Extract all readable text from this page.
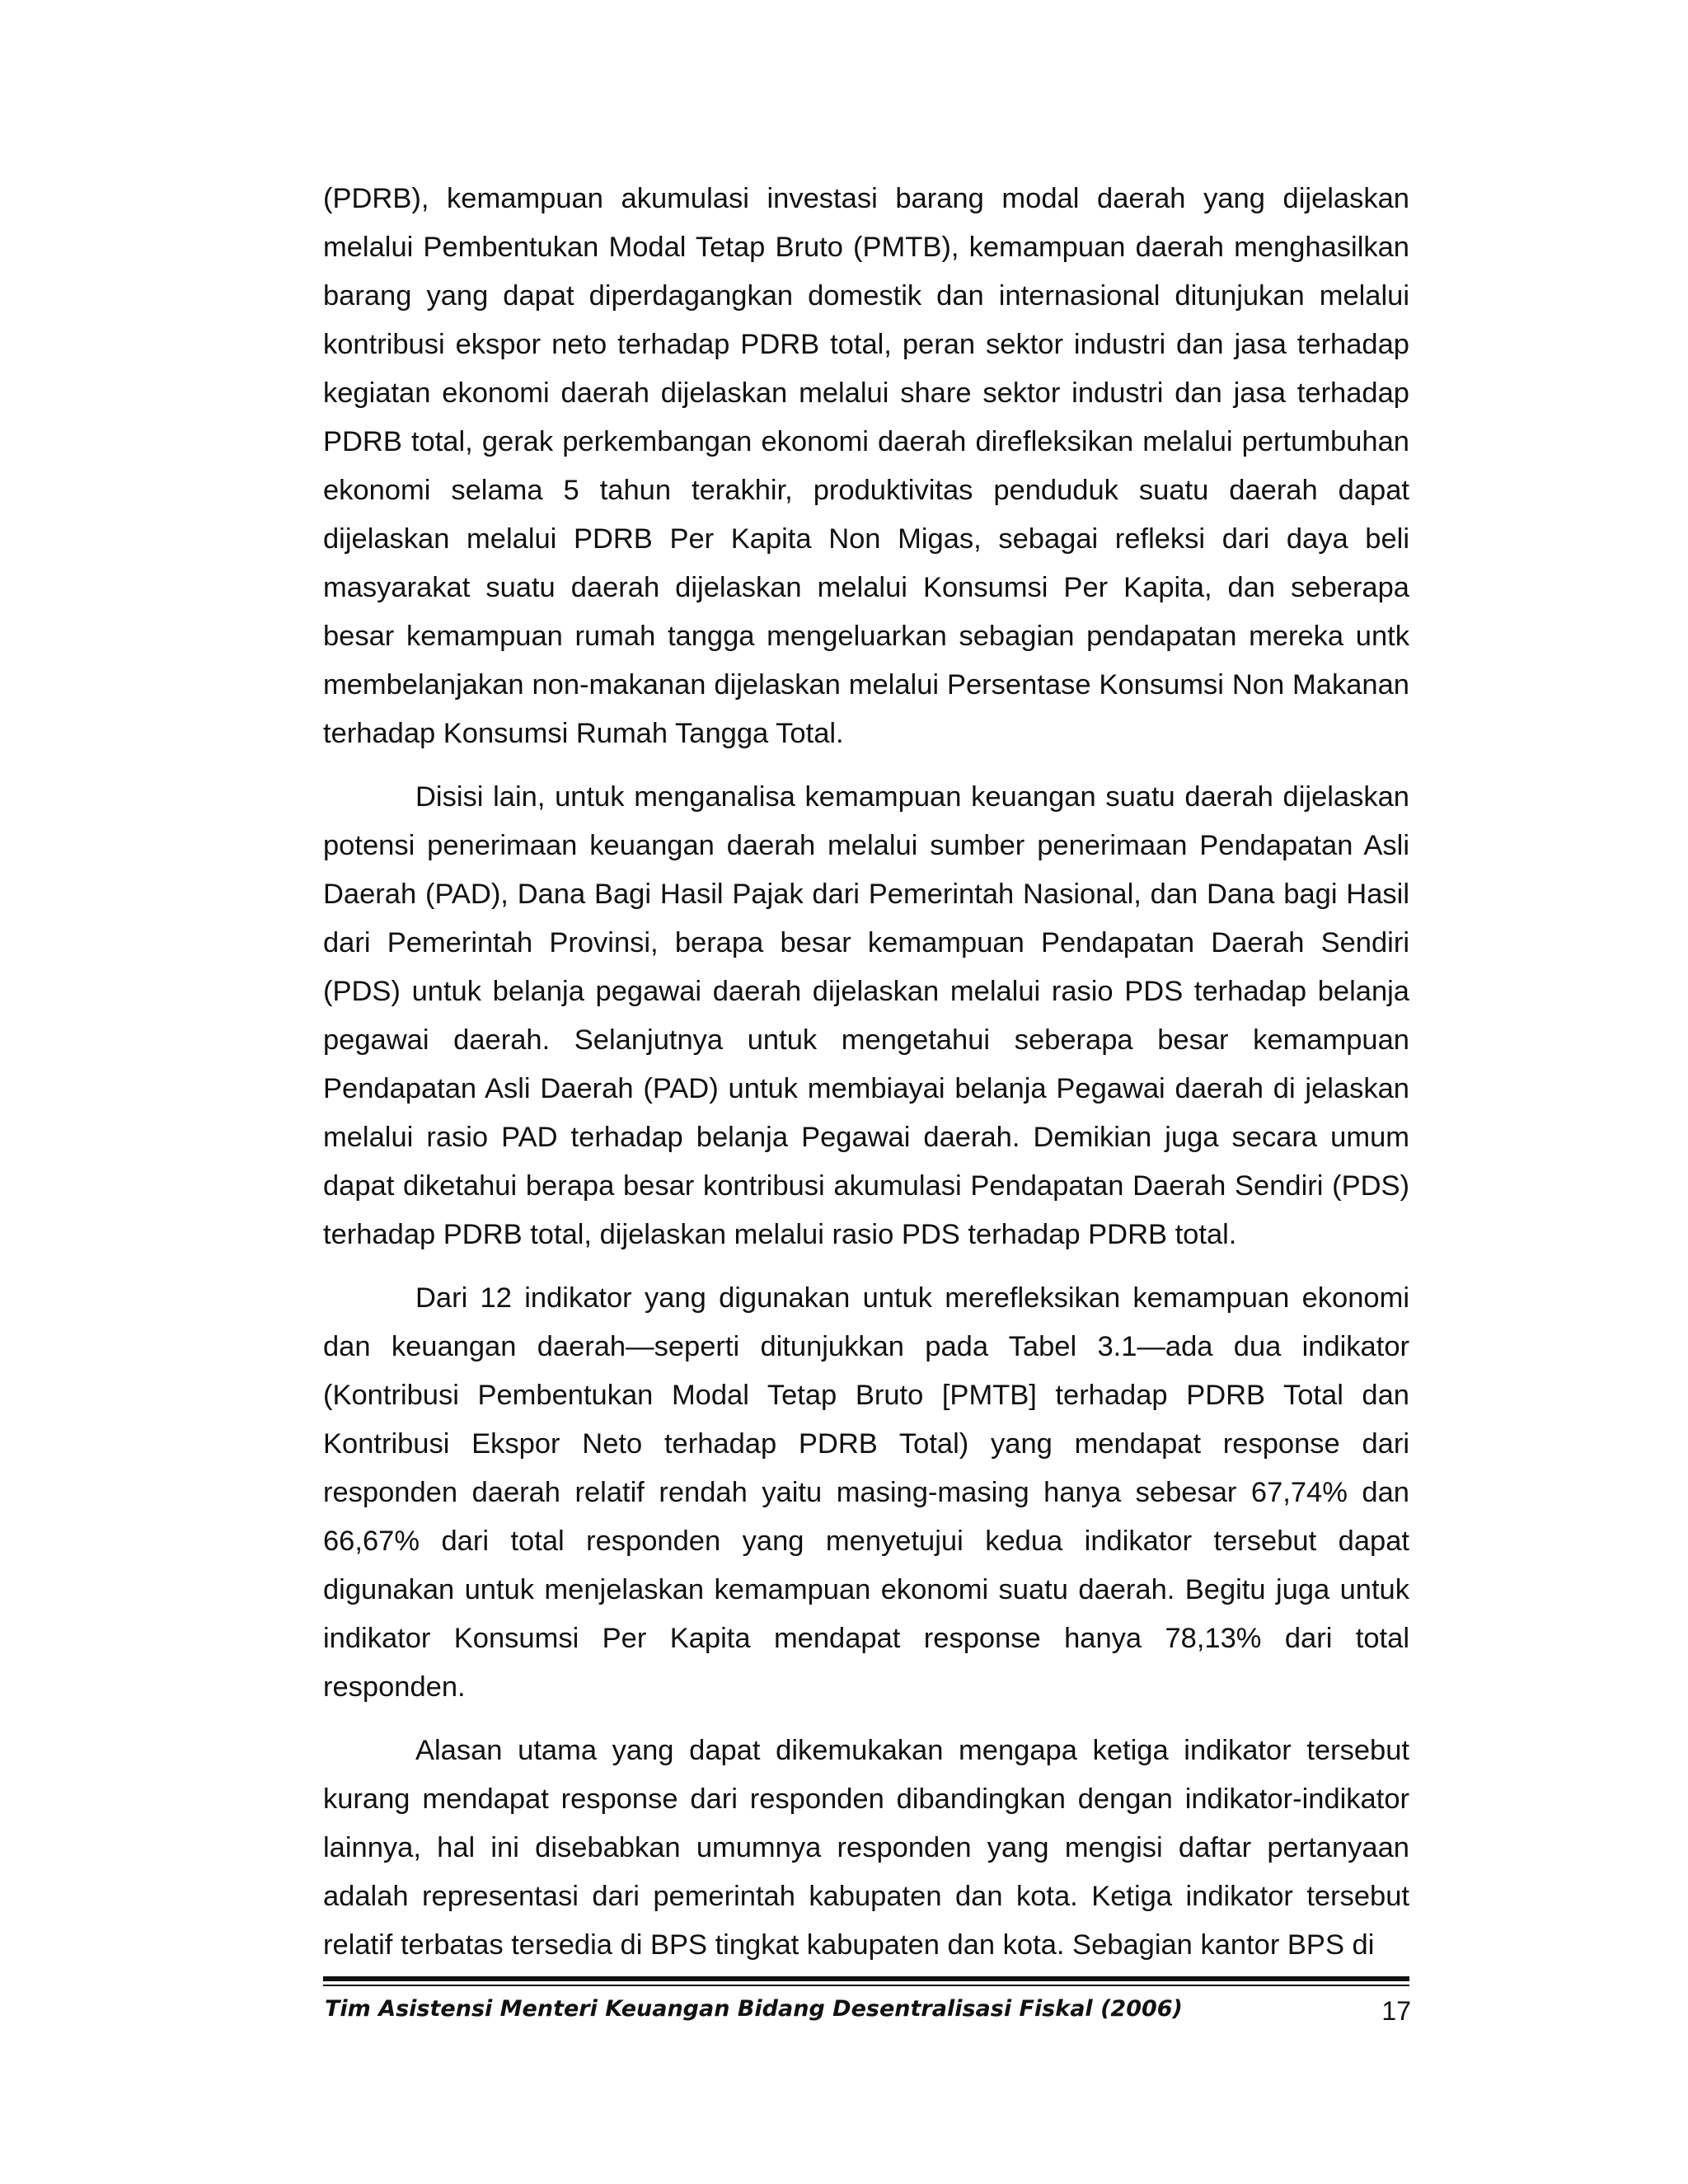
(PDRB), kemampuan akumulasi investasi barang modal daerah yang dijelaskan melalui Pembentukan Modal Tetap Bruto (PMTB), kemampuan daerah menghasilkan barang yang dapat diperdagangkan domestik dan internasional ditunjukan melalui kontribusi ekspor neto terhadap PDRB total, peran sektor industri dan jasa terhadap kegiatan ekonomi daerah dijelaskan melalui share sektor industri dan jasa terhadap PDRB total, gerak perkembangan ekonomi daerah direfleksikan melalui pertumbuhan ekonomi selama 5 tahun terakhir, produktivitas penduduk suatu daerah dapat dijelaskan melalui PDRB Per Kapita Non Migas, sebagai refleksi dari daya beli masyarakat suatu daerah dijelaskan melalui Konsumsi Per Kapita, dan seberapa besar kemampuan rumah tangga mengeluarkan sebagian pendapatan mereka untk membelanjakan non-makanan dijelaskan melalui Persentase Konsumsi Non Makanan terhadap Konsumsi Rumah Tangga Total.

Disisi lain, untuk menganalisa kemampuan keuangan suatu daerah dijelaskan potensi penerimaan keuangan daerah melalui sumber penerimaan Pendapatan Asli Daerah (PAD), Dana Bagi Hasil Pajak dari Pemerintah Nasional, dan Dana bagi Hasil dari Pemerintah Provinsi, berapa besar kemampuan Pendapatan Daerah Sendiri (PDS) untuk belanja pegawai daerah dijelaskan melalui rasio PDS terhadap belanja pegawai daerah. Selanjutnya untuk mengetahui seberapa besar kemampuan Pendapatan Asli Daerah (PAD) untuk membiayai belanja Pegawai daerah di jelaskan melalui rasio PAD terhadap belanja Pegawai daerah. Demikian juga secara umum dapat diketahui berapa besar kontribusi akumulasi Pendapatan Daerah Sendiri (PDS) terhadap PDRB total, dijelaskan melalui rasio PDS terhadap PDRB total.

Dari 12 indikator yang digunakan untuk merefleksikan kemampuan ekonomi dan keuangan daerah—seperti ditunjukkan pada Tabel 3.1—ada dua indikator (Kontribusi Pembentukan Modal Tetap Bruto [PMTB] terhadap PDRB Total dan Kontribusi Ekspor Neto terhadap PDRB Total) yang mendapat response dari responden daerah relatif rendah yaitu masing-masing hanya sebesar 67,74% dan 66,67% dari total responden yang menyetujui kedua indikator tersebut dapat digunakan untuk menjelaskan kemampuan ekonomi suatu daerah. Begitu juga untuk indikator Konsumsi Per Kapita mendapat response hanya 78,13% dari total responden.

Alasan utama yang dapat dikemukakan mengapa ketiga indikator tersebut kurang mendapat response dari responden dibandingkan dengan indikator-indikator lainnya, hal ini disebabkan umumnya responden yang mengisi daftar pertanyaan adalah representasi dari pemerintah kabupaten dan kota. Ketiga indikator tersebut relatif terbatas tersedia di BPS tingkat kabupaten dan kota. Sebagian kantor BPS di

Tim Asistensi Menteri Keuangan Bidang Desentralisasi Fiskal (2006)	17
